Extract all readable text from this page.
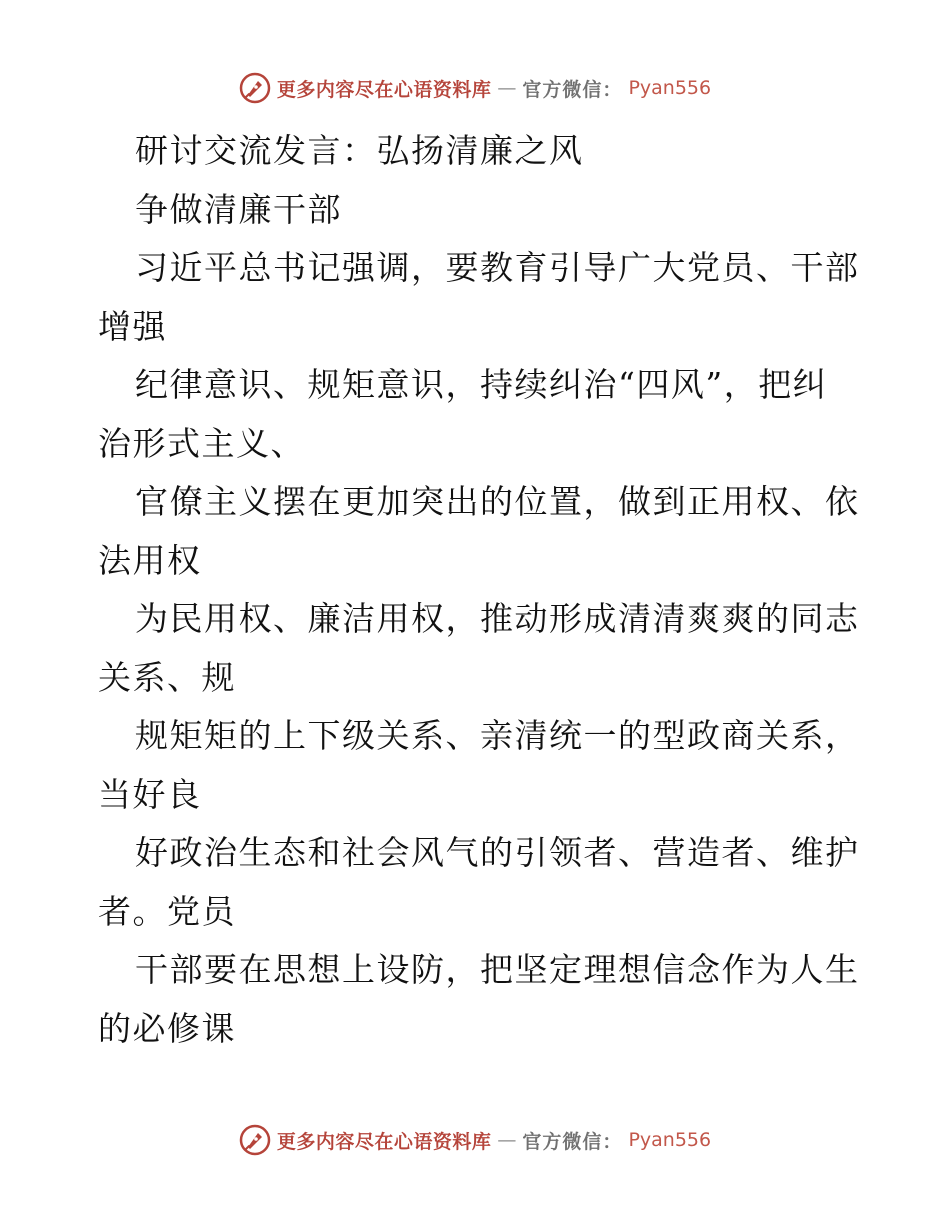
更多内容尽在心语资料库 — 官方微信： Pyan556

研讨交流发言：弘扬清廉之风

争做清廉干部

习近平总书记强调，要教育引导广大党员、干部

增强

纪律意识、规矩意识，持续纠治“四风”，把纠

治形式主义、

官僚主义摆在更加突出的位置，做到正用权、依

法用权

为民用权、廉洁用权，推动形成清清爽爽的同志

关系、规

规矩矩的上下级关系、亲清统一的型政商关系，

当好良

好政治生态和社会风气的引领者、营造者、维护

者。党员

干部要在思想上设防，把坚定理想信念作为人生

的必修课

更多内容尽在心语资料库 — 官方微信： Pyan556
